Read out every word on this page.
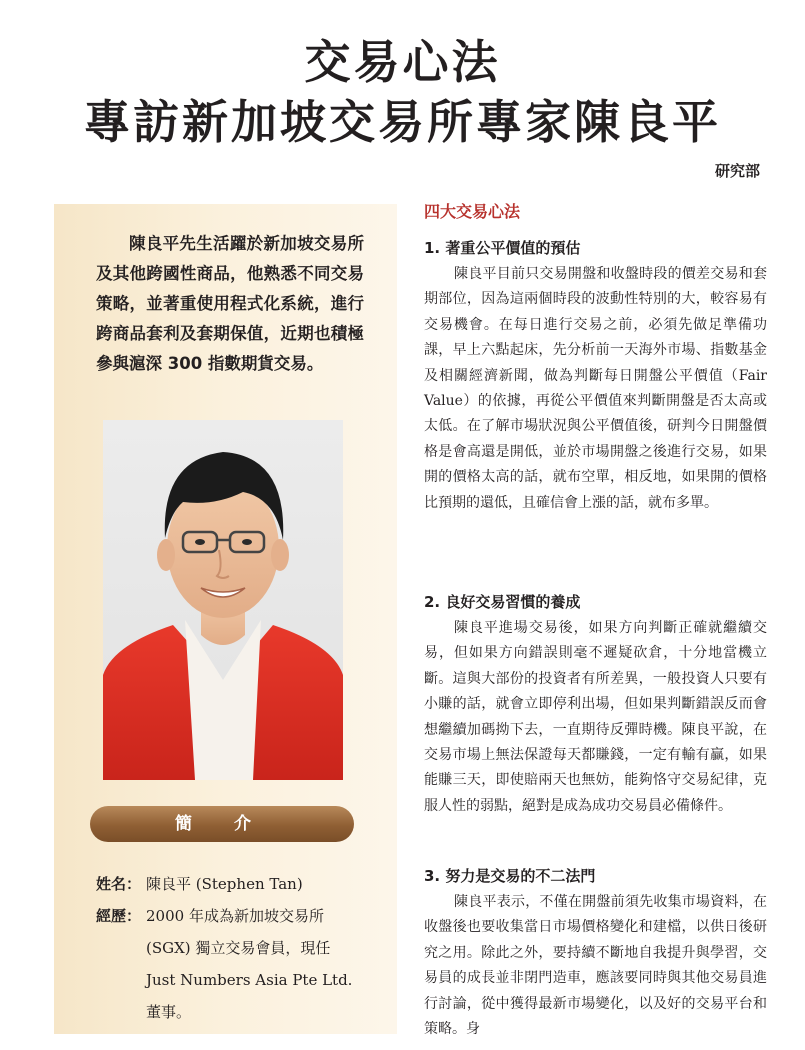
交易心法
專訪新加坡交易所專家陳良平
研究部

陳良平先生活躍於新加坡交易所及其他跨國性商品，他熟悉不同交易策略，並著重使用程式化系統，進行跨商品套利及套期保值，近期也積極參與滬深 300 指數期貨交易。

簡 介
姓名： 陳良平 (Stephen Tan)
經歷： 2000 年成為新加坡交易所
(SGX) 獨立交易會員，現任
Just Numbers Asia Pte Ltd.
董事。
四大交易心法

1. 著重公平價值的預估

陳良平目前只交易開盤和收盤時段的價差交易和套期部位，因為這兩個時段的波動性特別的大，較容易有交易機會。在每日進行交易之前，必須先做足準備功課，早上六點起床，先分析前一天海外市場、指數基金及相關經濟新聞，做為判斷每日開盤公平價值（Fair Value）的依據，再從公平價值來判斷開盤是否太高或太低。在了解市場狀況與公平價值後，研判今日開盤價格是會高還是開低，並於市場開盤之後進行交易，如果開的價格太高的話，就布空單，相反地，如果開的價格比預期的還低，且確信會上漲的話，就布多單。

2. 良好交易習慣的養成

陳良平進場交易後，如果方向判斷正確就繼續交易，但如果方向錯誤則毫不遲疑砍倉，十分地當機立斷。這與大部份的投資者有所差異，一般投資人只要有小賺的話，就會立即停利出場，但如果判斷錯誤反而會想繼續加碼拗下去，一直期待反彈時機。陳良平說，在交易市場上無法保證每天都賺錢，一定有輸有贏，如果能賺三天，即使賠兩天也無妨，能夠恪守交易紀律，克服人性的弱點，絕對是成為成功交易員必備條件。

3. 努力是交易的不二法門

陳良平表示，不僅在開盤前須先收集市場資料，在收盤後也要收集當日市場價格變化和建檔，以供日後研究之用。除此之外，要持續不斷地自我提升與學習，交易員的成長並非閉門造車，應該要同時與其他交易員進行討論，從中獲得最新市場變化，以及好的交易平台和策略。身
